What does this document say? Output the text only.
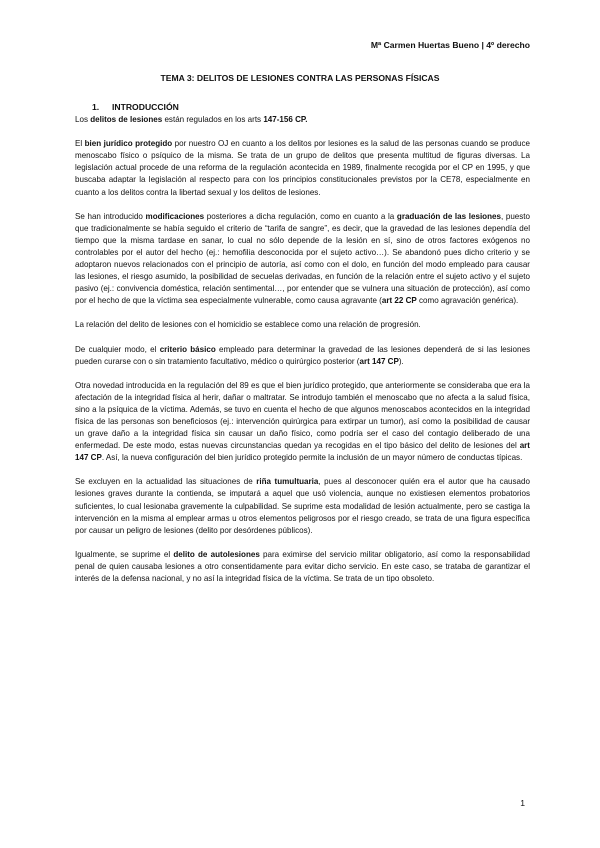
Mª Carmen Huertas Bueno | 4º derecho
TEMA 3: DELITOS DE LESIONES CONTRA LAS PERSONAS FÍSICAS
1. INTRODUCCIÓN

Los delitos de lesiones están regulados en los arts 147-156 CP.

El bien jurídico protegido por nuestro OJ en cuanto a los delitos por lesiones es la salud de las personas cuando se produce menoscabo físico o psíquico de la misma. Se trata de un grupo de delitos que presenta multitud de figuras diversas. La legislación actual procede de una reforma de la regulación acontecida en 1989, finalmente recogida por el CP en 1995, y que buscaba adaptar la legislación al respecto para con los principios constitucionales previstos por la CE78, especialmente en cuanto a los delitos contra la libertad sexual y los delitos de lesiones.

Se han introducido modificaciones posteriores a dicha regulación, como en cuanto a la graduación de las lesiones, puesto que tradicionalmente se había seguido el criterio de “tarifa de sangre”, es decir, que la gravedad de las lesiones dependía del tiempo que la misma tardase en sanar, lo cual no sólo depende de la lesión en sí, sino de otros factores exógenos no controlables por el autor del hecho (ej.: hemofilia desconocida por el sujeto activo…). Se abandonó pues dicho criterio y se adoptaron nuevos relacionados con el principio de autoría, así como con el dolo, en función del modo empleado para causar las lesiones, el riesgo asumido, la posibilidad de secuelas derivadas, en función de la relación entre el sujeto activo y el sujeto pasivo (ej.: convivencia doméstica, relación sentimental…, por entender que se vulnera una situación de protección), así como por el hecho de que la víctima sea especialmente vulnerable, como causa agravante (art 22 CP como agravación genérica).

La relación del delito de lesiones con el homicidio se establece como una relación de progresión.

De cualquier modo, el criterio básico empleado para determinar la gravedad de las lesiones dependerá de si las lesiones pueden curarse con o sin tratamiento facultativo, médico o quirúrgico posterior (art 147 CP).

Otra novedad introducida en la regulación del 89 es que el bien jurídico protegido, que anteriormente se consideraba que era la afectación de la integridad física al herir, dañar o maltratar. Se introdujo también el menoscabo que no afecta a la salud física, sino a la psíquica de la víctima. Además, se tuvo en cuenta el hecho de que algunos menoscabos acontecidos en la integridad física de las personas son beneficiosos (ej.: intervención quirúrgica para extirpar un tumor), así como la posibilidad de causar un grave daño a la integridad física sin causar un daño físico, como podría ser el caso del contagio deliberado de una enfermedad. De este modo, estas nuevas circunstancias quedan ya recogidas en el tipo básico del delito de lesiones del art 147 CP. Así, la nueva configuración del bien jurídico protegido permite la inclusión de un mayor número de conductas típicas.

Se excluyen en la actualidad las situaciones de riña tumultuaria, pues al desconocer quién era el autor que ha causado lesiones graves durante la contienda, se imputará a aquel que usó violencia, aunque no existiesen elementos probatorios suficientes, lo cual lesionaba gravemente la culpabilidad. Se suprime esta modalidad de lesión actualmente, pero se castiga la intervención en la misma al emplear armas u otros elementos peligrosos por el riesgo creado, se trata de una figura específica por causar un peligro de lesiones (delito por desórdenes públicos).

Igualmente, se suprime el delito de autolesiones para eximirse del servicio militar obligatorio, así como la responsabilidad penal de quien causaba lesiones a otro consentidamente para evitar dicho servicio. En este caso, se trataba de garantizar el interés de la defensa nacional, y no así la integridad física de la víctima. Se trata de un tipo obsoleto.

1
